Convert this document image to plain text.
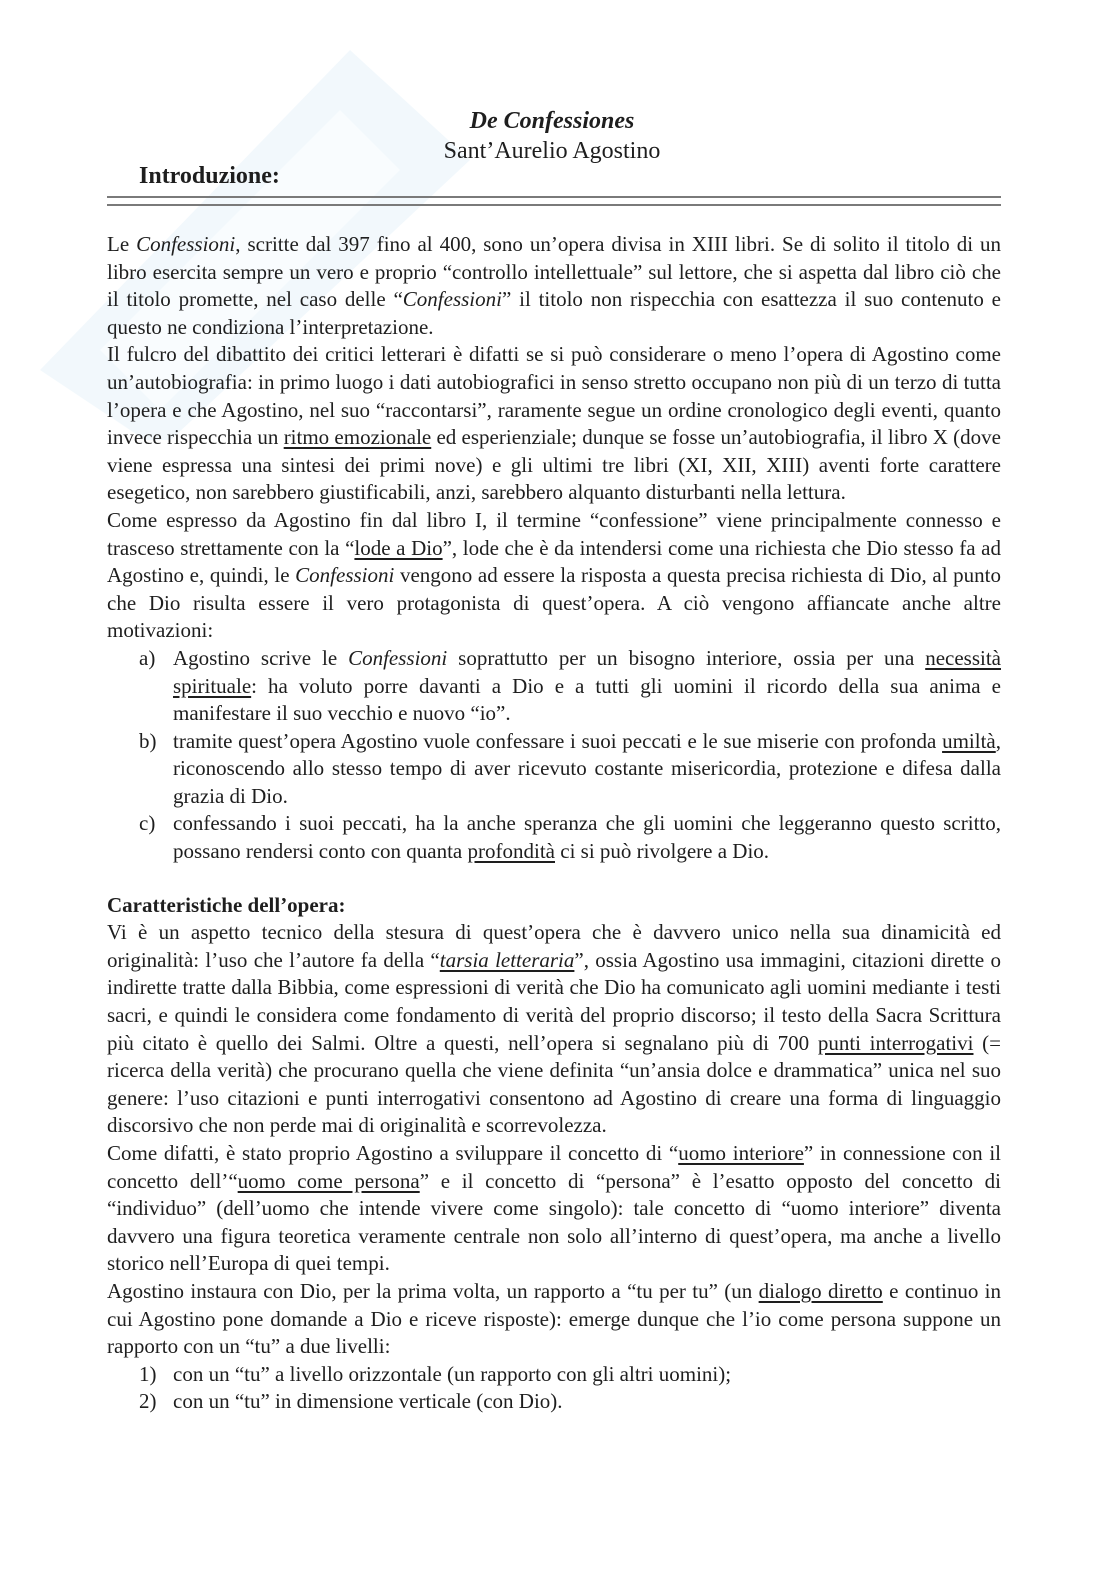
De Confessiones

Sant’Aurelio Agostino

Introduzione:

Le Confessioni, scritte dal 397 fino al 400, sono un’opera divisa in XIII libri. Se di solito il titolo di un libro esercita sempre un vero e proprio “controllo intellettuale” sul lettore, che si aspetta dal libro ciò che il titolo promette, nel caso delle “Confessioni” il titolo non rispecchia con esattezza il suo contenuto e questo ne condiziona l’interpretazione.

Il fulcro del dibattito dei critici letterari è difatti se si può considerare o meno l’opera di Agostino come un’autobiografia: in primo luogo i dati autobiografici in senso stretto occupano non più di un terzo di tutta l’opera e che Agostino, nel suo “raccontarsi”, raramente segue un ordine cronologico degli eventi, quanto invece rispecchia un ritmo emozionale ed esperienziale; dunque se fosse un’autobiografia, il libro X (dove viene espressa una sintesi dei primi nove) e gli ultimi tre libri (XI, XII, XIII) aventi forte carattere esegetico, non sarebbero giustificabili, anzi, sarebbero alquanto disturbanti nella lettura.

Come espresso da Agostino fin dal libro I, il termine “confessione” viene principalmente connesso e trasceso strettamente con la “lode a Dio”, lode che è da intendersi come una richiesta che Dio stesso fa ad Agostino e, quindi, le Confessioni vengono ad essere la risposta a questa precisa richiesta di Dio, al punto che Dio risulta essere il vero protagonista di quest’opera. A ciò vengono affiancate anche altre motivazioni:

a) Agostino scrive le Confessioni soprattutto per un bisogno interiore, ossia per una necessità spirituale: ha voluto porre davanti a Dio e a tutti gli uomini il ricordo della sua anima e manifestare il suo vecchio e nuovo “io”.
b) tramite quest’opera Agostino vuole confessare i suoi peccati e le sue miserie con profonda umiltà, riconoscendo allo stesso tempo di aver ricevuto costante misericordia, protezione e difesa dalla grazia di Dio.
c) confessando i suoi peccati, ha la anche speranza che gli uomini che leggeranno questo scritto, possano rendersi conto con quanta profondità ci si può rivolgere a Dio.

Caratteristiche dell’opera:

Vi è un aspetto tecnico della stesura di quest’opera che è davvero unico nella sua dinamicità ed originalità: l’uso che l’autore fa della “tarsia letteraria”, ossia Agostino usa immagini, citazioni dirette o indirette tratte dalla Bibbia, come espressioni di verità che Dio ha comunicato agli uomini mediante i testi sacri, e quindi le considera come fondamento di verità del proprio discorso; il testo della Sacra Scrittura più citato è quello dei Salmi. Oltre a questi, nell’opera si segnalano più di 700 punti interrogativi (= ricerca della verità) che procurano quella che viene definita “un’ansia dolce e drammatica” unica nel suo genere: l’uso citazioni e punti interrogativi consentono ad Agostino di creare una forma di linguaggio discorsivo che non perde mai di originalità e scorrevolezza.

Come difatti, è stato proprio Agostino a sviluppare il concetto di “uomo interiore” in connessione con il concetto dell’“uomo come persona” e il concetto di “persona” è l’esatto opposto del concetto di “individuo” (dell’uomo che intende vivere come singolo): tale concetto di “uomo interiore” diventa davvero una figura teoretica veramente centrale non solo all’interno di quest’opera, ma anche a livello storico nell’Europa di quei tempi.

Agostino instaura con Dio, per la prima volta, un rapporto a “tu per tu” (un dialogo diretto e continuo in cui Agostino pone domande a Dio e riceve risposte): emerge dunque che l’io come persona suppone un rapporto con un “tu” a due livelli:

1) con un “tu” a livello orizzontale (un rapporto con gli altri uomini);
2) con un “tu” in dimensione verticale (con Dio).
